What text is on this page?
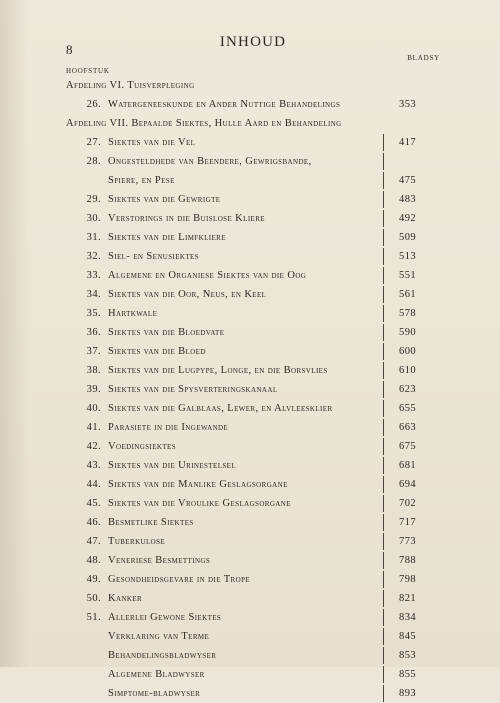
8	INHOUD
BLADSY
HOOFSTUK
Afdeling VI. Tuisverpleging
26. Watergeneeskunde en Ander Nuttige Behandelings	353
Afdeling VII. Bepaalde Siektes, Hulle Aard en Behandeling
27. Siektes van die Vel	417
28. Ongesteldhede van Beendere, Gewrigsbande,
Spiere, en Pese	475
29. Siektes van die Gewrigte	483
30. Verstorings in die Buislose Kliere	492
31. Siektes van die Limfkliere	509
32. Siel- en Senusiektes	513
33. Algemene en Organiese Siektes van die Oog	551
34. Siektes van die Oor, Neus, en Keel	561
35. Hartkwale	578
36. Siektes van die Bloedvate	590
37. Siektes van die Bloed	600
38. Siektes van die Lugpype, Longe, en die Borsvlies	610
39. Siektes van die Spysverteringskanaal	623
40. Siektes van die Galblaas, Lewer, en Alvleesklier	655
41. Parasiete in die Ingewande	663
42. Voedingsiektes	675
43. Siektes van die Urinestelsel	681
44. Siektes van die Manlike Geslagsorgane	694
45. Siektes van die Vroulike Geslagsorgane	702
46. Besmetlike Siektes	717
47. Tuberkulose	773
48. Veneriese Besmettings	788
49. Gesondheidsgevare in die Trope	798
50. Kanker	821
51. Allerlei Gewone Siektes	834
Verklaring van Terme	845
Behandelingsbladwyser	853
Algemene Bladwyser	855
Simptome-bladwyser	893
